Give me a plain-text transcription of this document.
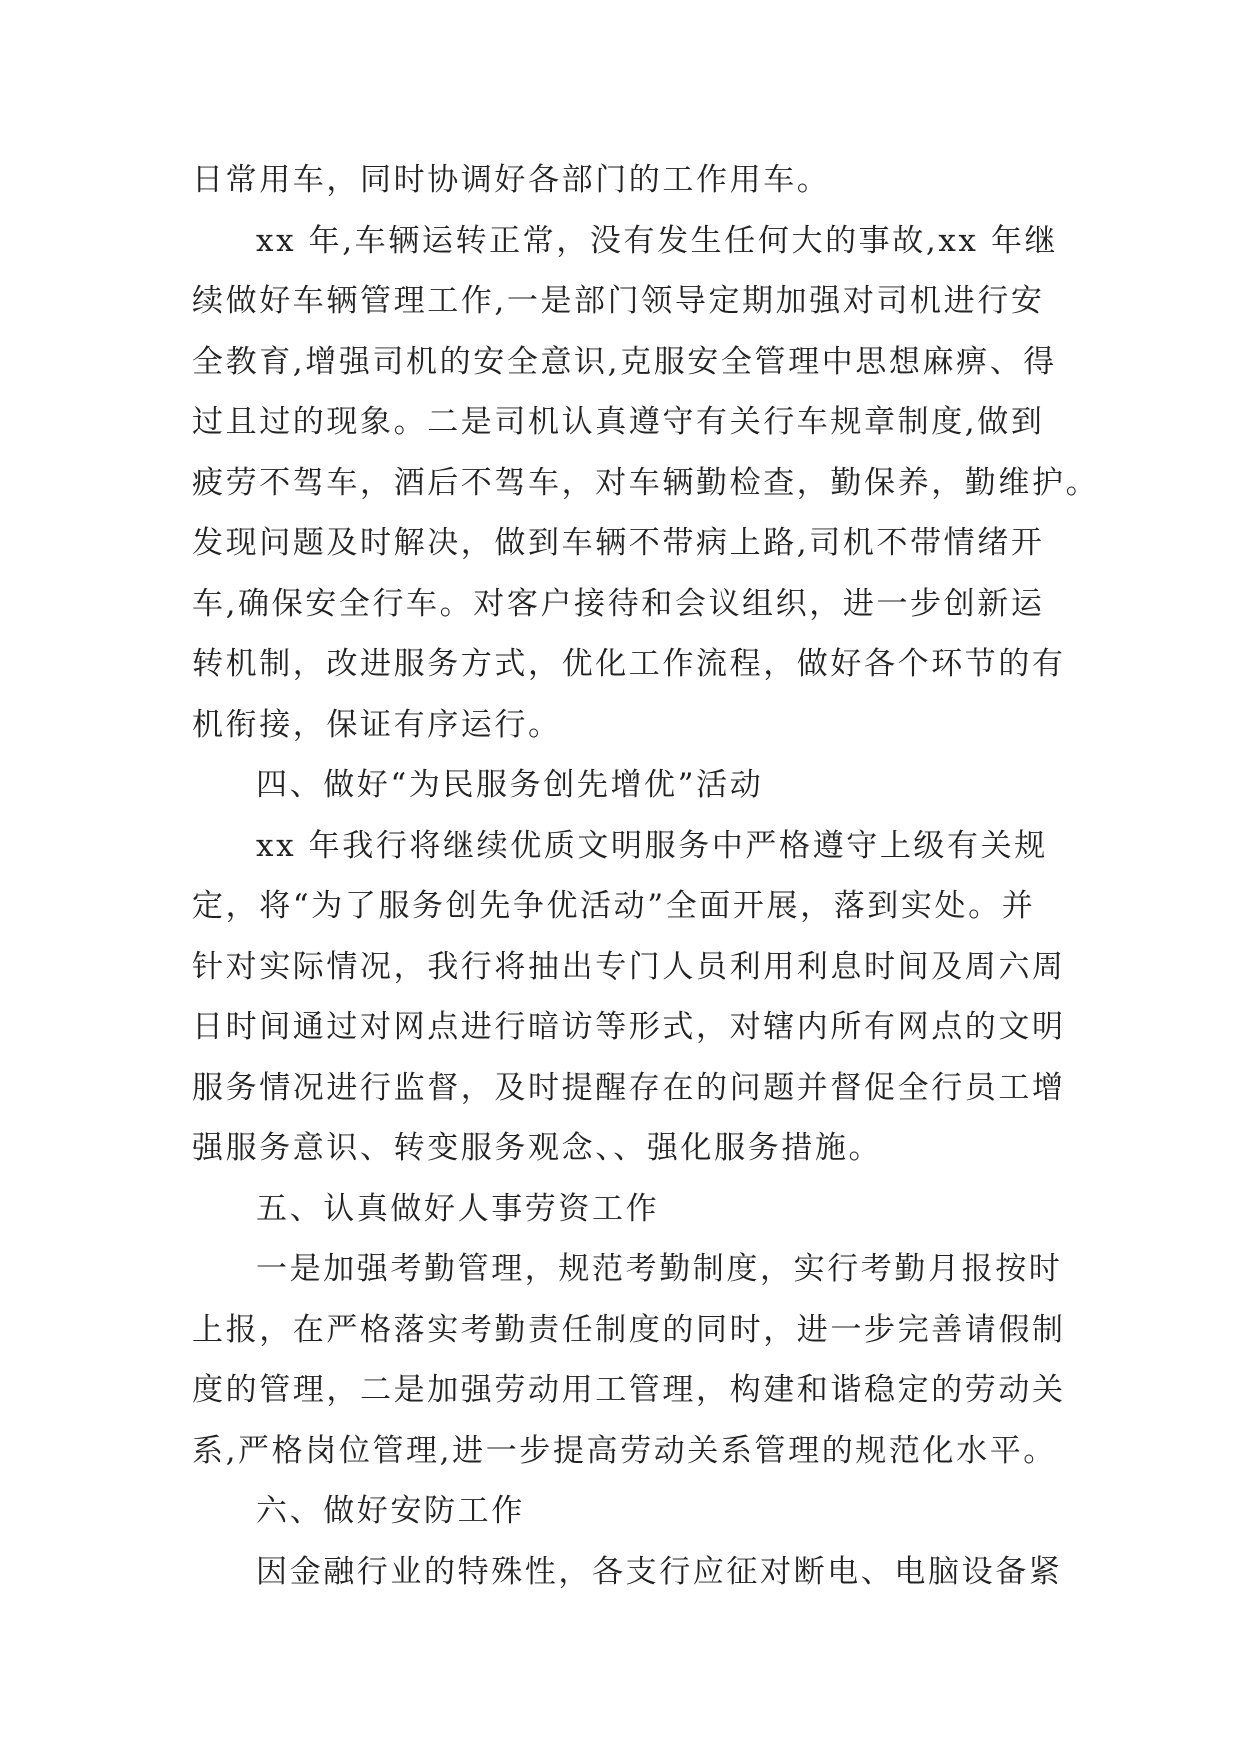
日常用车，同时协调好各部门的工作用车。
xx 年,车辆运转正常，没有发生任何大的事故,xx 年继
续做好车辆管理工作,一是部门领导定期加强对司机进行安
全教育,增强司机的安全意识,克服安全管理中思想麻痹、得
过且过的现象。二是司机认真遵守有关行车规章制度,做到
疲劳不驾车，酒后不驾车，对车辆勤检查，勤保养，勤维护。
发现问题及时解决，做到车辆不带病上路,司机不带情绪开
车,确保安全行车。对客户接待和会议组织，进一步创新运
转机制，改进服务方式，优化工作流程，做好各个环节的有
机衔接，保证有序运行。
四、做好“为民服务创先增优”活动
xx 年我行将继续优质文明服务中严格遵守上级有关规
定，将“为了服务创先争优活动”全面开展，落到实处。并
针对实际情况，我行将抽出专门人员利用利息时间及周六周
日时间通过对网点进行暗访等形式，对辖内所有网点的文明
服务情况进行监督，及时提醒存在的问题并督促全行员工增
强服务意识、转变服务观念、、强化服务措施。
五、认真做好人事劳资工作
一是加强考勤管理，规范考勤制度，实行考勤月报按时
上报，在严格落实考勤责任制度的同时，进一步完善请假制
度的管理，二是加强劳动用工管理，构建和谐稳定的劳动关
系,严格岗位管理,进一步提高劳动关系管理的规范化水平。
六、做好安防工作
因金融行业的特殊性，各支行应征对断电、电脑设备紧
